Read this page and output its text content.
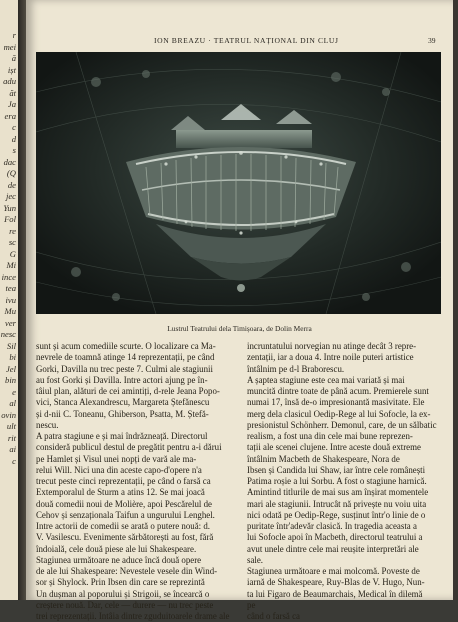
r
mei
ă
ișt
adu
ăt
Ja
era
c
d
s
dac
(Q
de
jec
Yun
Fol
re
sc
G
Mi
ince
tea
ivu
Mu
ver
nesc
Sil
bi
Jel
bin
e
al
ovin
ult
rit
ai
c
ION BREAZU · TEATRUL NAȚIONAL DIN CLUJ	39
Lustrul Teatrului dela Timișoara, de Dolin Merra
sunt și acum comediile scurte. O localizare ca Ma-
nevrele de toamnă atinge 14 reprezentații, pe când
Gorki, Davilla nu trec peste 7. Culmi ale stagiunii
au fost Gorki și Davilla. Intre actori ajung pe în-
tâiul plan, alături de cei amintiți, d-rele Jeana Popo-
vici, Stanca Alexandrescu, Margareta Ștefănescu
și d-nii C. Toneanu, Ghiberson, Psatta, M. Ștefă-
nescu.
A patra stagiune e și mai îndrăzneață. Directorul
consideră publicul destul de pregătit pentru a-i dărui
pe Hamlet și Visul unei nopți de vară ale ma-
relui Will. Nici una din aceste capo-d'opere n'a
trecut peste cinci reprezentații, pe când o farsă ca
Extemporalul de Sturm a atins 12. Se mai joacă
două comedii noui de Molière, apoi Pescărelul de
Cehov și senzaționala Taifun a ungurului Lenghel.
Intre actorii de comedii se arată o putere nouă: d.
V. Vasilescu. Evenimente sărbătorești au fost, fără
îndoială, cele două piese ale lui Shakespeare.
Stagiunea următoare ne aduce încă două opere
de ale lui Shakespeare: Nevestele vesele din Wind-
sor și Shylock. Prin Ibsen din care se reprezintă
Un dușman al poporului și Strigoii, se încearcă o
creștere nouă. Dar, cele — durere — nu trec peste
trei reprezentații. Intâia dintre zguduitoarele drame ale
incruntatului norvegian nu atinge decât 3 repre-
zentații, iar a doua 4. Intre noile puteri artistice
întâlnim pe d-l Braborescu.
A șaptea stagiune este cea mai variată și mai
muncită dintre toate de până acum. Premierele sunt
numai 17, însă de-o impresionantă masivitate. Ele
merg dela clasicul Oedip-Rege al lui Sofocle, la ex-
presionistul Schönherr. Demonul, care, de un sălbatic
realism, a fost una din cele mai bune reprezen-
tații ale scenei clujene. Intre aceste două extreme
întâlnim Macbeth de Shakespeare, Nora de
Ibsen și Candida lui Shaw, iar între cele românești
Patima roșie a lui Sorbu. A fost o stagiune harnică.
Amintind titlurile de mai sus am înșirat momentele
mari ale stagiunii. Intrucât nă privește nu voiu uita
nici odată pe Oedip-Rege, susținut într'o linie de o
puritate într'adevăr clasică. In tragedia aceasta a
lui Sofocle apoi în Macbeth, directorul teatrului a
avut unele dintre cele mai reușite interpretări ale
sale.
Stagiunea următoare e mai molcomă. Poveste de
iarnă de Shakespeare, Ruy-Blas de V. Hugo, Nun-
ta lui Figaro de Beaumarchais, Medical în dilemă
pe
când o farsă ca
